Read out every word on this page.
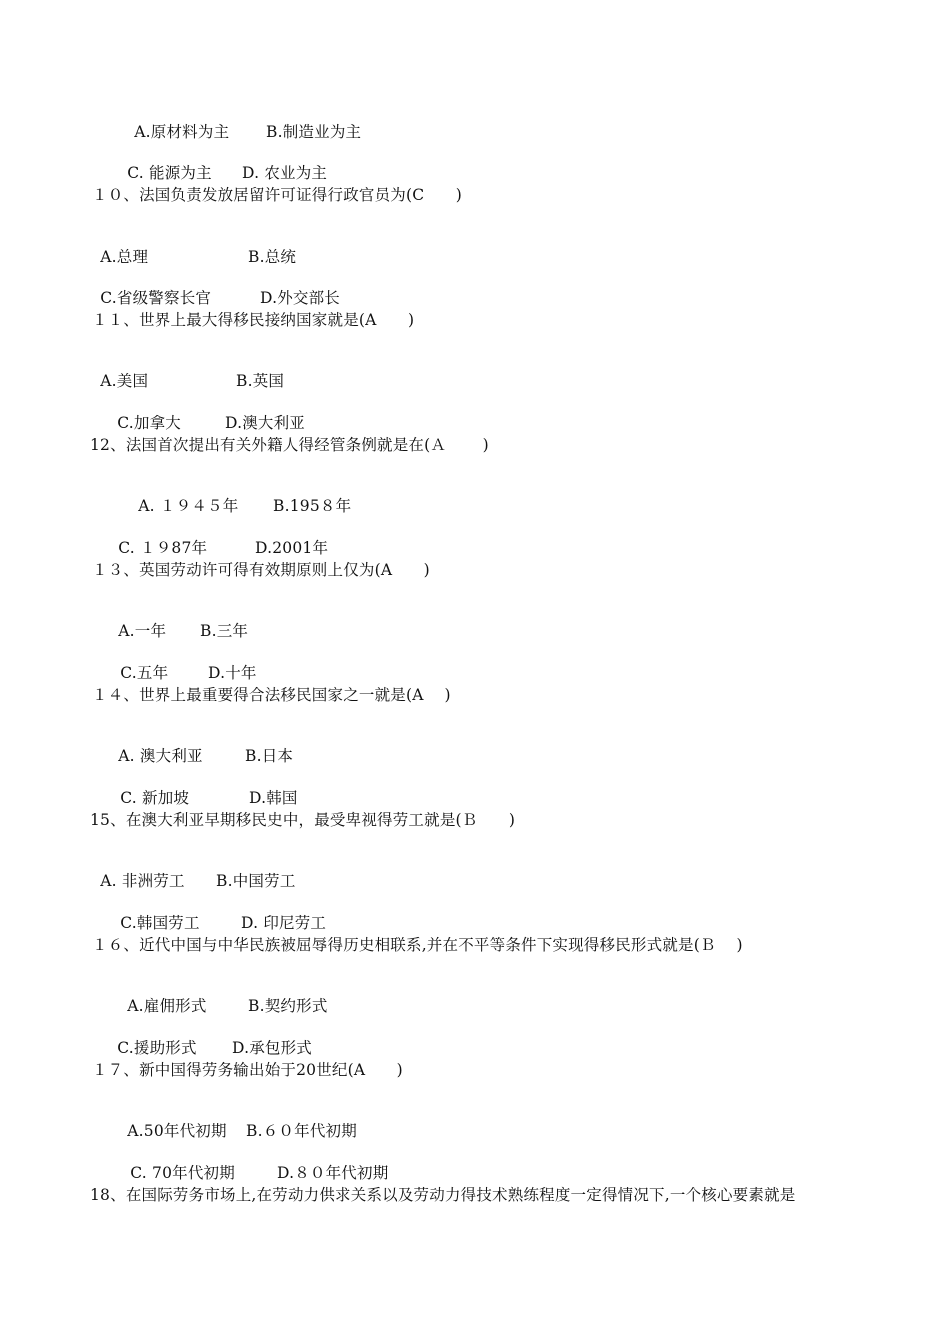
A.原材料为主 B.制造业为主

C. 能源为主 D. 农业为主

１０、法国负责发放居留许可证得行政官员为(C　　)

A.总理	B.总统

C.省级警察长官	D.外交部长

１１、世界上最大得移民接纳国家就是(A　　)

A.美国	B.英国

C.加拿大	D.澳大利亚

12、法国首次提出有关外籍人得经管条例就是在(Ａ　　 )

A. １９４５年 B.195８年

C. １９87年	D.2001年

１３、英国劳动许可得有效期原则上仅为(A　　)

A.一年 B.三年

C.五年	D.十年

１４、世界上最重要得合法移民国家之一就是(A　 )

A. 澳大利亚	B.日本

C. 新加坡	D.韩国

15、在澳大利亚早期移民史中，最受卑视得劳工就是(Ｂ　　)

A. 非洲劳工 B.中国劳工

C.韩国劳工	D. 印尼劳工

１６、近代中国与中华民族被屈辱得历史相联系,并在不平等条件下实现得移民形式就是(Ｂ　 )

A.雇佣形式	B.契约形式

C.援助形式 D.承包形式

１７、新中国得劳务输出始于20世纪(A　　)

A.50年代初期 B.６０年代初期

C. 70年代初期	D.８０年代初期

18、在国际劳务市场上,在劳动力供求关系以及劳动力得技术熟练程度一定得情况下,一个核心要素就是
